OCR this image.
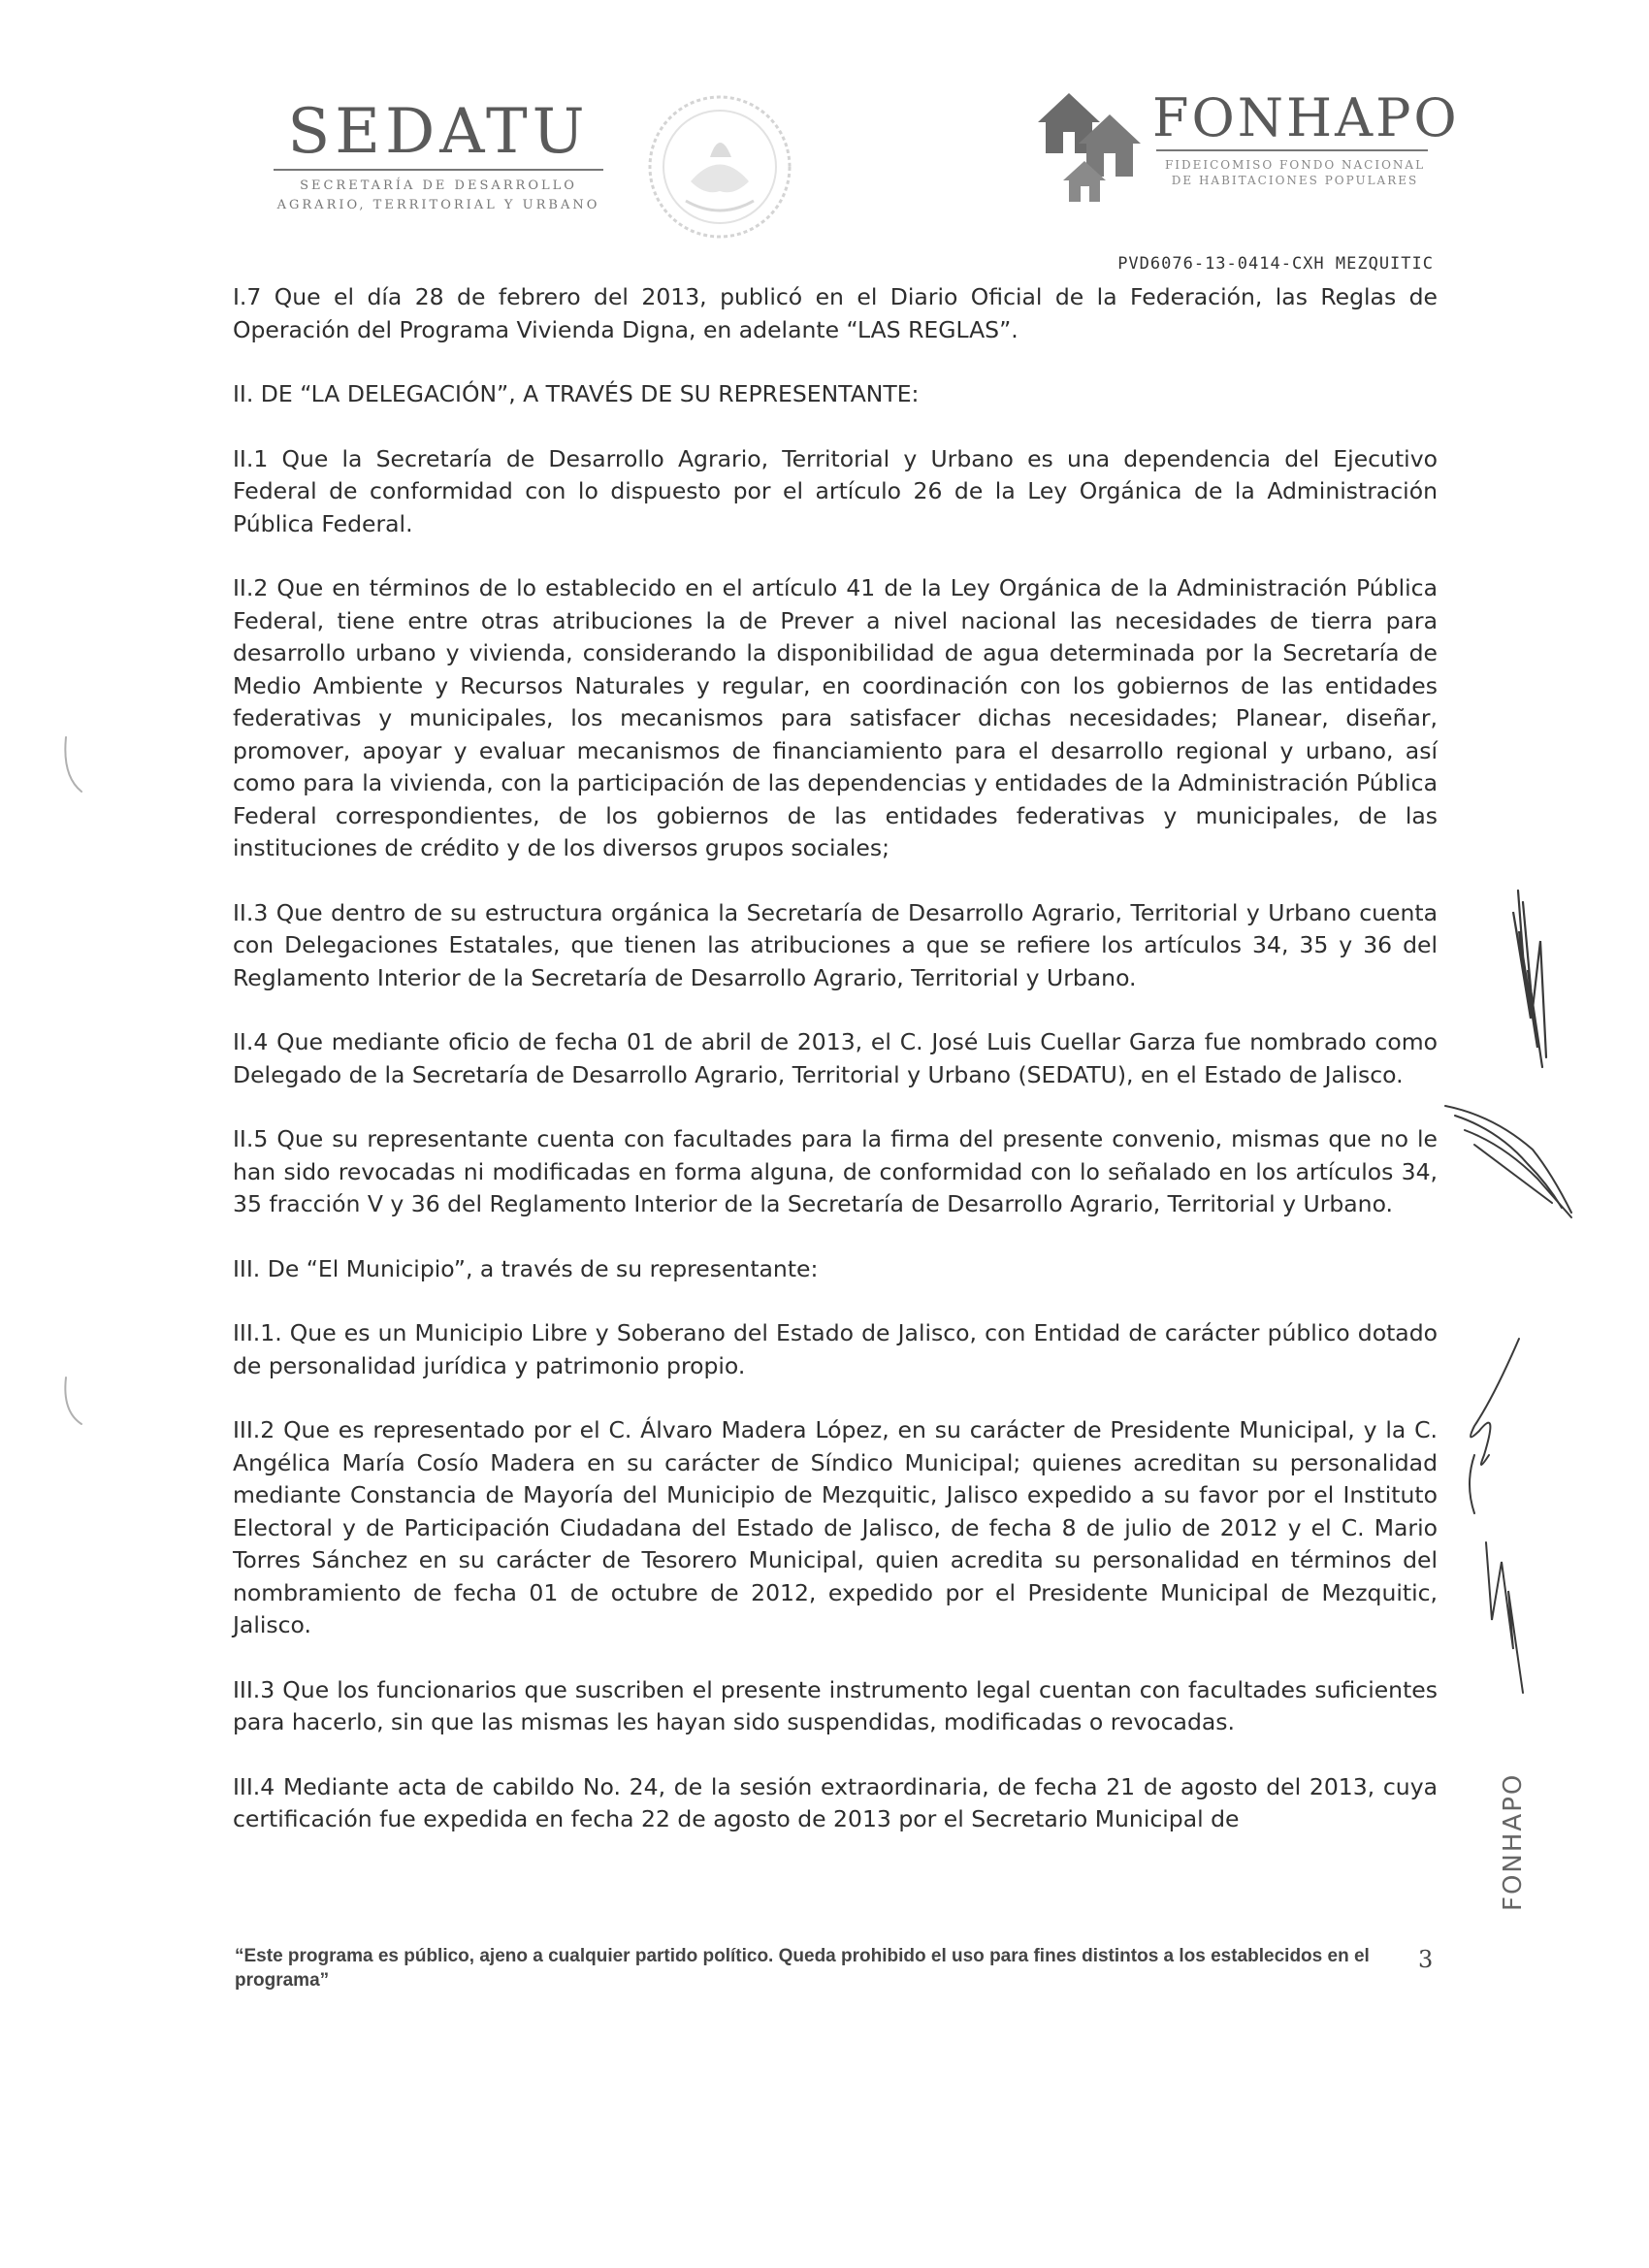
SEDATU
SECRETARÍA DE DESARROLLO
AGRARIO, TERRITORIAL Y URBANO
FONHAPO
FIDEICOMISO FONDO NACIONAL
DE HABITACIONES POPULARES
PVD6076-13-0414-CXH MEZQUITIC

I.7 Que el día 28 de febrero del 2013, publicó en el Diario Oficial de la Federación, las Reglas de Operación del Programa Vivienda Digna, en adelante “LAS REGLAS”.

II. DE “LA DELEGACIÓN”, A TRAVÉS DE SU REPRESENTANTE:

II.1 Que la Secretaría de Desarrollo Agrario, Territorial y Urbano es una dependencia del Ejecutivo Federal de conformidad con lo dispuesto por el artículo 26 de la Ley Orgánica de la Administración Pública Federal.

II.2 Que en términos de lo establecido en el artículo 41 de la Ley Orgánica de la Administración Pública Federal, tiene entre otras atribuciones la de Prever a nivel nacional las necesidades de tierra para desarrollo urbano y vivienda, considerando la disponibilidad de agua determinada por la Secretaría de Medio Ambiente y Recursos Naturales y regular, en coordinación con los gobiernos de las entidades federativas y municipales, los mecanismos para satisfacer dichas necesidades; Planear, diseñar, promover, apoyar y evaluar mecanismos de financiamiento para el desarrollo regional y urbano, así como para la vivienda, con la participación de las dependencias y entidades de la Administración Pública Federal correspondientes, de los gobiernos de las entidades federativas y municipales, de las instituciones de crédito y de los diversos grupos sociales;

II.3 Que dentro de su estructura orgánica la Secretaría de Desarrollo Agrario, Territorial y Urbano cuenta con Delegaciones Estatales, que tienen las atribuciones a que se refiere los artículos 34, 35 y 36 del Reglamento Interior de la Secretaría de Desarrollo Agrario, Territorial y Urbano.

II.4 Que mediante oficio de fecha 01 de abril de 2013, el C. José Luis Cuellar Garza fue nombrado como Delegado de la Secretaría de Desarrollo Agrario, Territorial y Urbano (SEDATU), en el Estado de Jalisco.

II.5 Que su representante cuenta con facultades para la firma del presente convenio, mismas que no le han sido revocadas ni modificadas en forma alguna, de conformidad con lo señalado en los artículos 34, 35 fracción V y 36 del Reglamento Interior de la Secretaría de Desarrollo Agrario, Territorial y Urbano.

III. De “El Municipio”, a través de su representante:

III.1. Que es un Municipio Libre y Soberano del Estado de Jalisco, con Entidad de carácter público dotado de personalidad jurídica y patrimonio propio.

III.2 Que es representado por el C. Álvaro Madera López, en su carácter de Presidente Municipal, y la C. Angélica María Cosío Madera en su carácter de Síndico Municipal; quienes acreditan su personalidad mediante Constancia de Mayoría del Municipio de Mezquitic, Jalisco expedido a su favor por el Instituto Electoral y de Participación Ciudadana del Estado de Jalisco, de fecha 8 de julio de 2012 y el C. Mario Torres Sánchez en su carácter de Tesorero Municipal, quien acredita su personalidad en términos del nombramiento de fecha 01 de octubre de 2012, expedido por el Presidente Municipal de Mezquitic, Jalisco.

III.3 Que los funcionarios que suscriben el presente instrumento legal cuentan con facultades suficientes para hacerlo, sin que las mismas les hayan sido suspendidas, modificadas o revocadas.

III.4 Mediante acta de cabildo No. 24, de la sesión extraordinaria, de fecha 21 de agosto del 2013, cuya certificación fue expedida en fecha 22 de agosto de 2013 por el Secretario Municipal de

“Este programa es público, ajeno a cualquier partido político. Queda prohibido el uso para fines distintos a los establecidos en el programa”
3
FONHAPO
